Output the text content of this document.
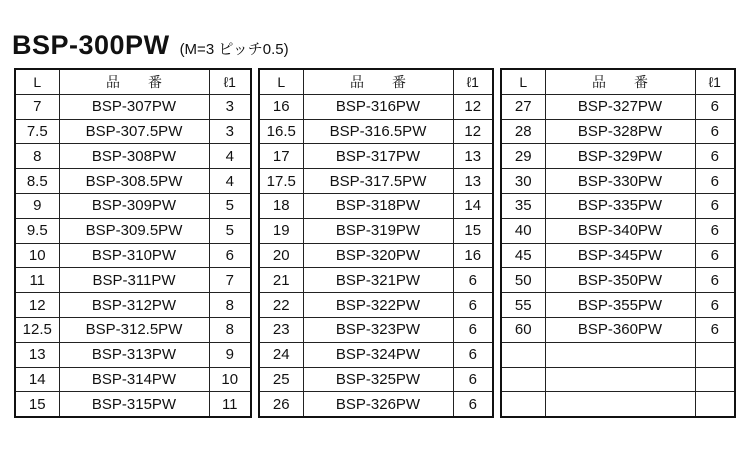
BSP-300PW (M=3 ピッチ0.5)
L	品　　番	ℓ1
7	BSP-307PW	3
7.5	BSP-307.5PW	3
8	BSP-308PW	4
8.5	BSP-308.5PW	4
9	BSP-309PW	5
9.5	BSP-309.5PW	5
10	BSP-310PW	6
11	BSP-311PW	7
12	BSP-312PW	8
12.5	BSP-312.5PW	8
13	BSP-313PW	9
14	BSP-314PW	10
15	BSP-315PW	11
L	品　　番	ℓ1
16	BSP-316PW	12
16.5	BSP-316.5PW	12
17	BSP-317PW	13
17.5	BSP-317.5PW	13
18	BSP-318PW	14
19	BSP-319PW	15
20	BSP-320PW	16
21	BSP-321PW	6
22	BSP-322PW	6
23	BSP-323PW	6
24	BSP-324PW	6
25	BSP-325PW	6
26	BSP-326PW	6
L	品　　番	ℓ1
27	BSP-327PW	6
28	BSP-328PW	6
29	BSP-329PW	6
30	BSP-330PW	6
35	BSP-335PW	6
40	BSP-340PW	6
45	BSP-345PW	6
50	BSP-350PW	6
55	BSP-355PW	6
60	BSP-360PW	6
